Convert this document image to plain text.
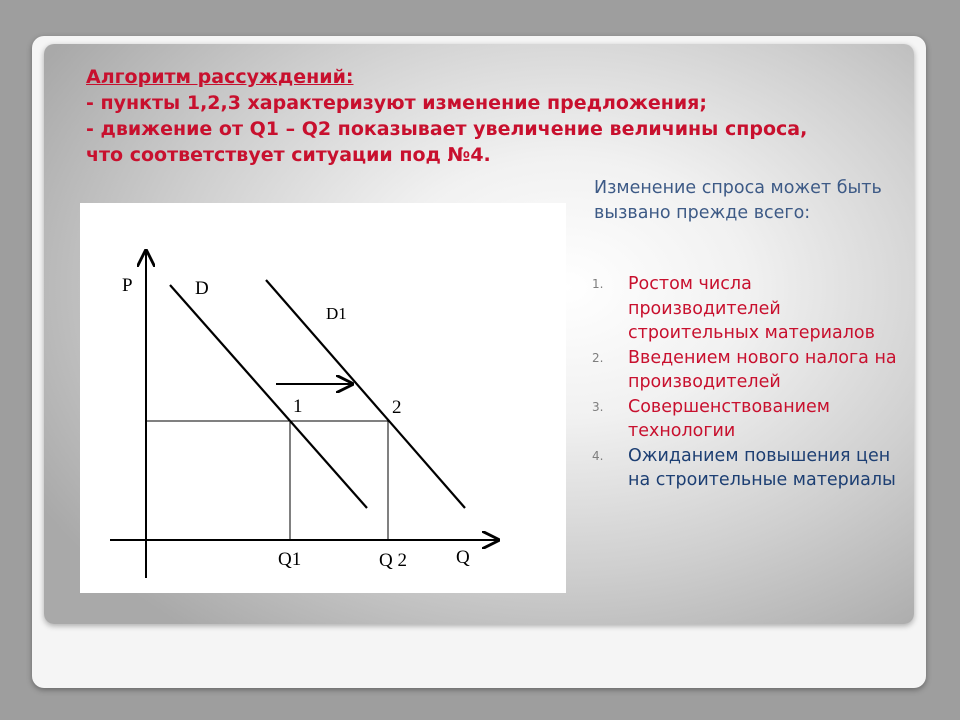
Алгоритм рассуждений:
- пункты 1,2,3 характеризуют изменение предложения;
- движение от Q1 – Q2 показывает увеличение величины спроса,
что соответствует ситуации под №4.
P
Q
D
D1
1	2
Q1	Q 2
Изменение спроса может быть вызвано прежде всего:
1.	Ростом числа производителей строительных материалов
2.	Введением нового налога на производителей
3.	Совершенствованием технологии
4.	Ожиданием повышения цен на строительные материалы
